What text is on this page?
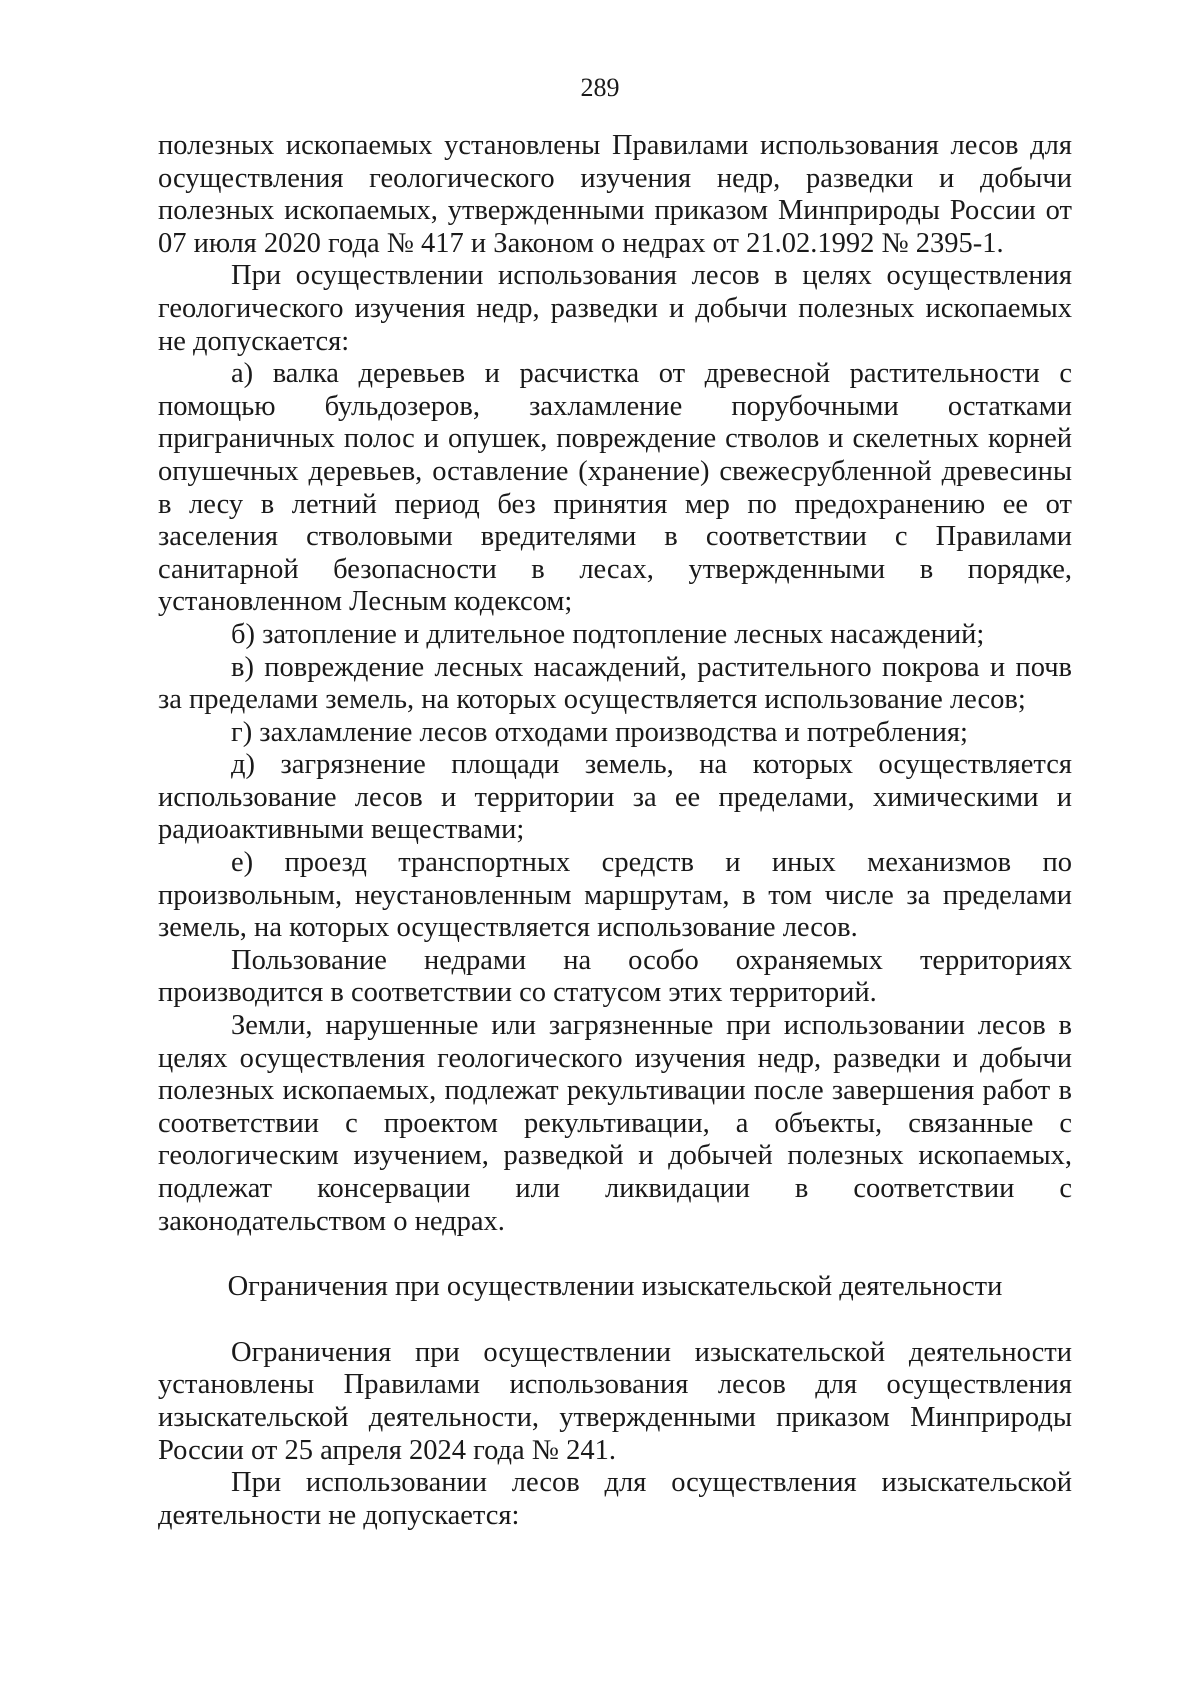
289

полезных ископаемых установлены Правилами использования лесов для осуществления геологического изучения недр, разведки и добычи полезных ископаемых, утвержденными приказом Минприроды России от 07 июля 2020 года № 417 и Законом о недрах от 21.02.1992 № 2395-1.

При осуществлении использования лесов в целях осуществления геологического изучения недр, разведки и добычи полезных ископаемых не допускается:

а) валка деревьев и расчистка от древесной растительности с помощью бульдозеров, захламление порубочными остатками приграничных полос и опушек, повреждение стволов и скелетных корней опушечных деревьев, оставление (хранение) свежесрубленной древесины в лесу в летний период без принятия мер по предохранению ее от заселения стволовыми вредителями в соответствии с Правилами санитарной безопасности в лесах, утвержденными в порядке, установленном Лесным кодексом;

б) затопление и длительное подтопление лесных насаждений;

в) повреждение лесных насаждений, растительного покрова и почв за пределами земель, на которых осуществляется использование лесов;

г) захламление лесов отходами производства и потребления;

д) загрязнение площади земель, на которых осуществляется использование лесов и территории за ее пределами, химическими и радиоактивными веществами;

е) проезд транспортных средств и иных механизмов по произвольным, неустановленным маршрутам, в том числе за пределами земель, на которых осуществляется использование лесов.

Пользование недрами на особо охраняемых территориях производится в соответствии со статусом этих территорий.

Земли, нарушенные или загрязненные при использовании лесов в целях осуществления геологического изучения недр, разведки и добычи полезных ископаемых, подлежат рекультивации после завершения работ в соответствии с проектом рекультивации, а объекты, связанные с геологическим изучением, разведкой и добычей полезных ископаемых, подлежат консервации или ликвидации в соответствии с законодательством о недрах.

Ограничения при осуществлении изыскательской деятельности

Ограничения при осуществлении изыскательской деятельности установлены Правилами использования лесов для осуществления изыскательской деятельности, утвержденными приказом Минприроды России от 25 апреля 2024 года № 241.

При использовании лесов для осуществления изыскательской деятельности не допускается:
